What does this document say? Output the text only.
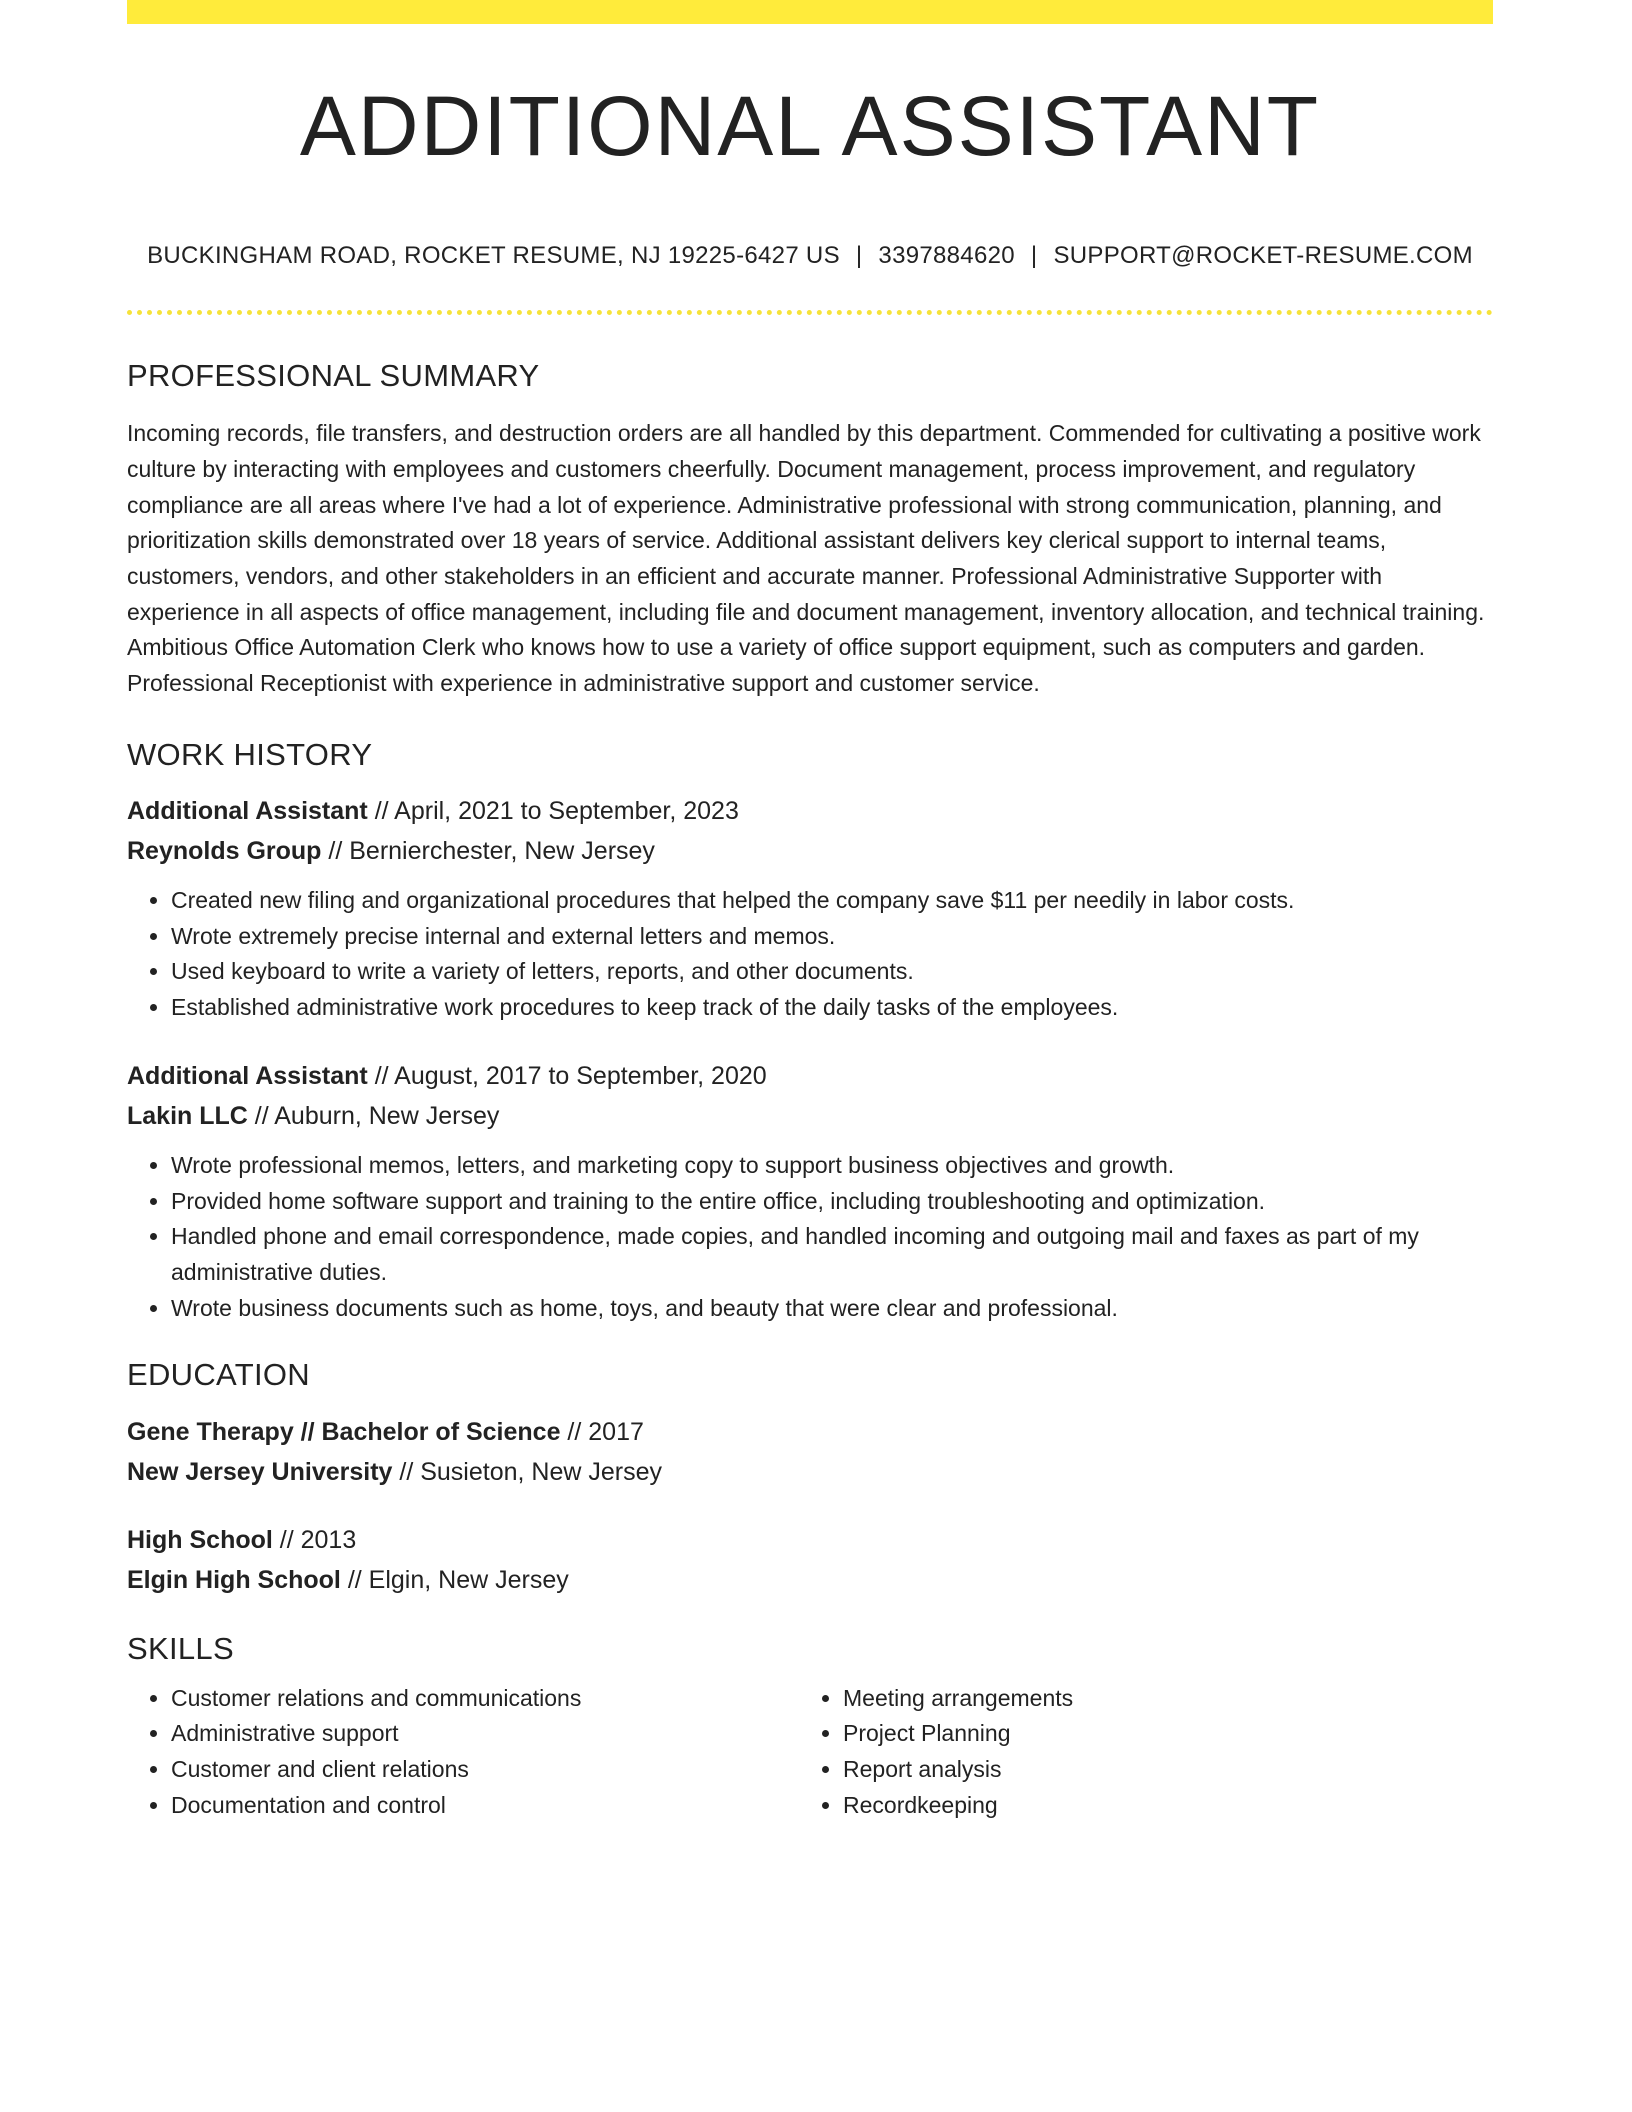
ADDITIONAL ASSISTANT
BUCKINGHAM ROAD, ROCKET RESUME, NJ 19225-6427 US | 3397884620 | SUPPORT@ROCKET-RESUME.COM
PROFESSIONAL SUMMARY

Incoming records, file transfers, and destruction orders are all handled by this department. Commended for cultivating a positive work culture by interacting with employees and customers cheerfully. Document management, process improvement, and regulatory compliance are all areas where I've had a lot of experience. Administrative professional with strong communication, planning, and prioritization skills demonstrated over 18 years of service. Additional assistant delivers key clerical support to internal teams, customers, vendors, and other stakeholders in an efficient and accurate manner. Professional Administrative Supporter with experience in all aspects of office management, including file and document management, inventory allocation, and technical training. Ambitious Office Automation Clerk who knows how to use a variety of office support equipment, such as computers and garden. Professional Receptionist with experience in administrative support and customer service.

WORK HISTORY
Additional Assistant // April, 2021 to September, 2023
Reynolds Group // Bernierchester, New Jersey
• Created new filing and organizational procedures that helped the company save $11 per needily in labor costs.
• Wrote extremely precise internal and external letters and memos.
• Used keyboard to write a variety of letters, reports, and other documents.
• Established administrative work procedures to keep track of the daily tasks of the employees.
Additional Assistant // August, 2017 to September, 2020
Lakin LLC // Auburn, New Jersey
• Wrote professional memos, letters, and marketing copy to support business objectives and growth.
• Provided home software support and training to the entire office, including troubleshooting and optimization.
• Handled phone and email correspondence, made copies, and handled incoming and outgoing mail and faxes as part of my administrative duties.
• Wrote business documents such as home, toys, and beauty that were clear and professional.
EDUCATION
Gene Therapy // Bachelor of Science // 2017
New Jersey University // Susieton, New Jersey
High School // 2013
Elgin High School // Elgin, New Jersey
SKILLS
• Customer relations and communications
• Administrative support
• Customer and client relations
• Documentation and control
• Meeting arrangements
• Project Planning
• Report analysis
• Recordkeeping
